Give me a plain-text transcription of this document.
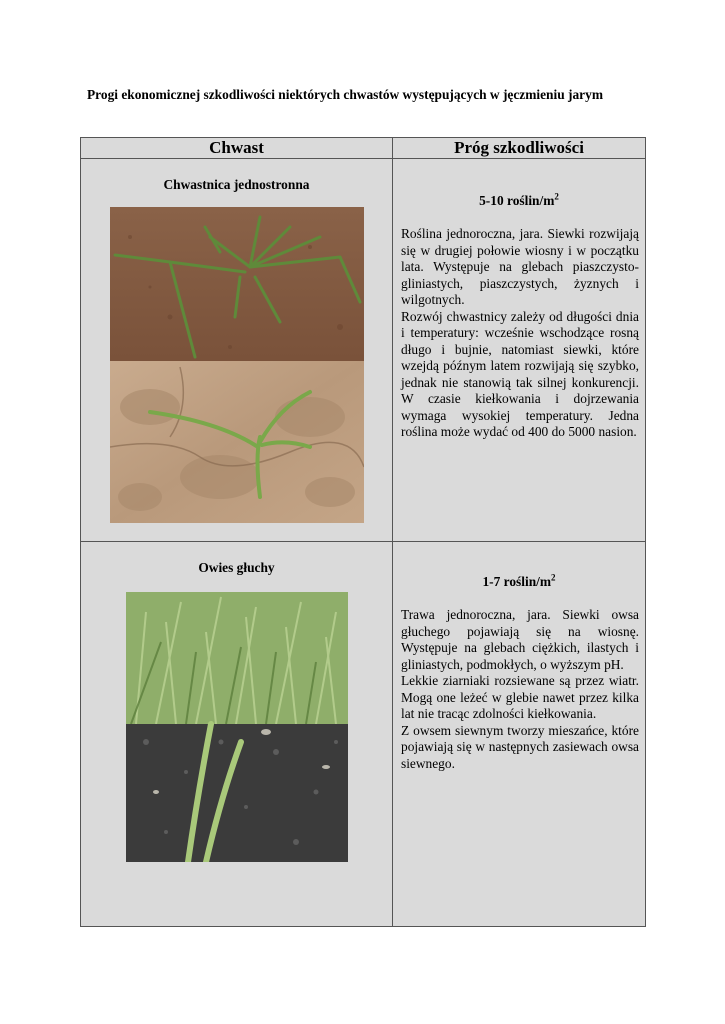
Progi ekonomicznej szkodliwości niektórych chwastów występujących w jęczmieniu jarym
Chwast	Próg szkodliwości

Chwastnica jednostronna	5-10 roślin/$m^2$

Roślina jednoroczna, jara. Siewki rozwijają się w drugiej połowie wiosny i w początku lata. Występuje na glebach piaszczysto-gliniastych, piaszczystych, żyznych i wilgotnych.

Rozwój chwastnicy zależy od długości dnia i temperatury: wcześnie wschodzące rosną długo i bujnie, natomiast siewki, które wzejdą późnym latem rozwijają się szybko, jednak nie stanowią tak silnej konkurencji. W czasie kiełkowania i dojrzewania wymaga wysokiej temperatury. Jedna roślina może wydać od 400 do 5000 nasion.

Owies głuchy	1-7 roślin/$m^2$

Trawa jednoroczna, jara. Siewki owsa głuchego pojawiają się na wiosnę. Występuje na glebach ciężkich, ilastych i gliniastych, podmokłych, o wyższym pH.

Lekkie ziarniaki rozsiewane są przez wiatr. Mogą one leżeć w glebie nawet przez kilka lat nie tracąc zdolności kiełkowania.

Z owsem siewnym tworzy mieszańce, które pojawiają się w następnych zasiewach owsa siewnego.
